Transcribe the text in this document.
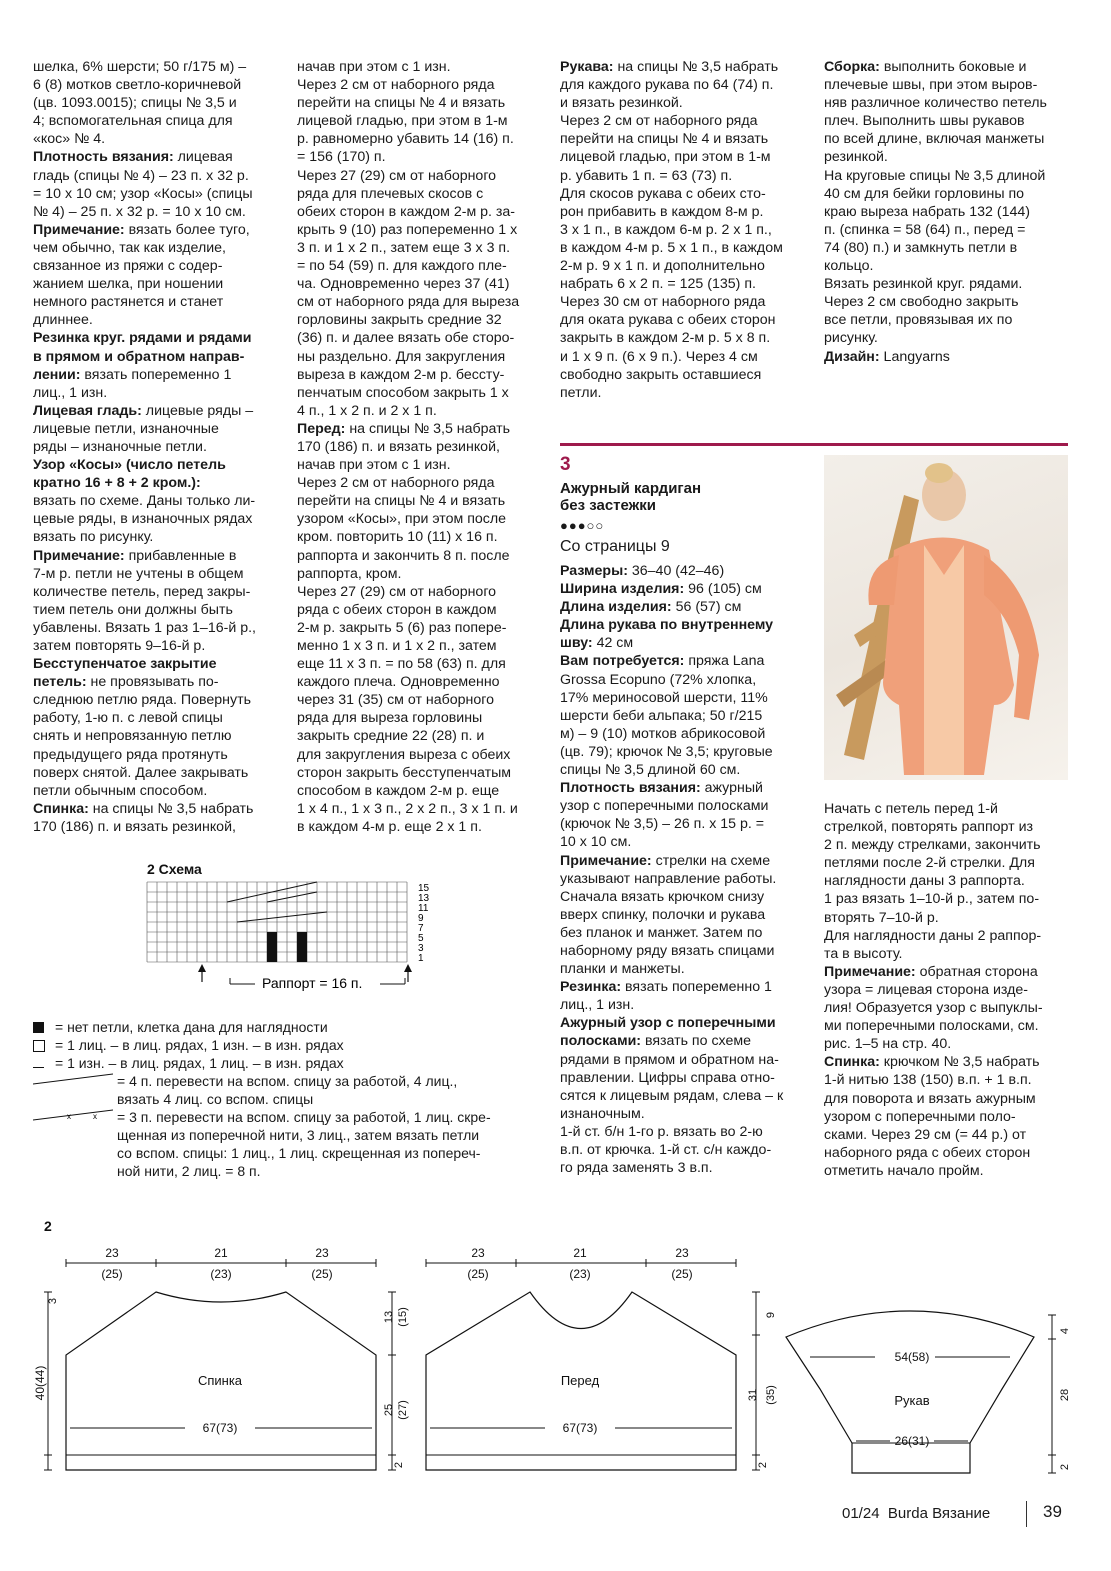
шелка, 6% шерсти; 50 г/175 м) –

6 (8) мотков светло-коричневой

(цв. 1093.0015); спицы № 3,5 и

4; вспомогательная спица для

«кос» № 4.

Плотность вязания: лицевая

гладь (спицы № 4) – 23 п. х 32 р.

= 10 х 10 см; узор «Косы» (спицы

№ 4) – 25 п. х 32 р. = 10 х 10 см.

Примечание: вязать более туго,

чем обычно, так как изделие,

связанное из пряжи с содер-

жанием шелка, при ношении

немного растянется и станет

длиннее.

Резинка круг. рядами и рядами

в прямом и обратном направ-

лении: вязать попеременно 1

лиц., 1 изн.

Лицевая гладь: лицевые ряды –

лицевые петли, изнаночные

ряды – изнаночные петли.

Узор «Косы» (число петель

кратно 16 + 8 + 2 кром.):

вязать по схеме. Даны только ли-

цевые ряды, в изнаночных рядах

вязать по рисунку.

Примечание: прибавленные в

7-м р. петли не учтены в общем

количестве петель, перед закры-

тием петель они должны быть

убавлены. Вязать 1 раз 1–16-й р.,

затем повторять 9–16-й р.

Бесступенчатое закрытие

петель: не провязывать по-

следнюю петлю ряда. Повернуть

работу, 1-ю п. с левой спицы

снять и непровязанную петлю

предыдущего ряда протянуть

поверх снятой. Далее закрывать

петли обычным способом.

Спинка: на спицы № 3,5 набрать

170 (186) п. и вязать резинкой,

начав при этом с 1 изн.

Через 2 см от наборного ряда

перейти на спицы № 4 и вязать

лицевой гладью, при этом в 1-м

р. равномерно убавить 14 (16) п.

= 156 (170) п.

Через 27 (29) см от наборного

ряда для плечевых скосов с

обеих сторон в каждом 2-м р. за-

крыть 9 (10) раз попеременно 1 х

3 п. и 1 х 2 п., затем еще 3 х 3 п.

= по 54 (59) п. для каждого пле-

ча. Одновременно через 37 (41)

см от наборного ряда для выреза

горловины закрыть средние 32

(36) п. и далее вязать обе сторо-

ны раздельно. Для закругления

выреза в каждом 2-м р. бессту-

пенчатым способом закрыть 1 х

4 п., 1 х 2 п. и 2 х 1 п.

Перед: на спицы № 3,5 набрать

170 (186) п. и вязать резинкой,

начав при этом с 1 изн.

Через 2 см от наборного ряда

перейти на спицы № 4 и вязать

узором «Косы», при этом после

кром. повторить 10 (11) х 16 п.

раппорта и закончить 8 п. после

раппорта, кром.

Через 27 (29) см от наборного

ряда с обеих сторон в каждом

2-м р. закрыть 5 (6) раз попере-

менно 1 х 3 п. и 1 х 2 п., затем

еще 11 х 3 п. = по 58 (63) п. для

каждого плеча. Одновременно

через 31 (35) см от наборного

ряда для выреза горловины

закрыть средние 22 (28) п. и

для закругления выреза с обеих

сторон закрыть бесступенчатым

способом в каждом 2-м р. еще

1 х 4 п., 1 х 3 п., 2 х 2 п., 3 х 1 п. и

в каждом 4-м р. еще 2 х 1 п.

Рукава: на спицы № 3,5 набрать

для каждого рукава по 64 (74) п.

и вязать резинкой.

Через 2 см от наборного ряда

перейти на спицы № 4 и вязать

лицевой гладью, при этом в 1-м

р. убавить 1 п. = 63 (73) п.

Для скосов рукава с обеих сто-

рон прибавить в каждом 8-м р.

3 х 1 п., в каждом 6-м р. 2 х 1 п.,

в каждом 4-м р. 5 х 1 п., в каждом

2-м р. 9 х 1 п. и дополнительно

набрать 6 х 2 п. = 125 (135) п.

Через 30 см от наборного ряда

для оката рукава с обеих сторон

закрыть в каждом 2-м р. 5 х 8 п.

и 1 х 9 п. (6 х 9 п.). Через 4 см

свободно закрыть оставшиеся

петли.

Сборка: выполнить боковые и

плечевые швы, при этом выров-

няв различное количество петель

плеч. Выполнить швы рукавов

по всей длине, включая манжеты

резинкой.

На круговые спицы № 3,5 длиной

40 см для бейки горловины по

краю выреза набрать 132 (144)

п. (спинка = 58 (64) п., перед =

74 (80) п.) и замкнуть петли в

кольцо.

Вязать резинкой круг. рядами.

Через 2 см свободно закрыть

все петли, провязывая их по

рисунку.

Дизайн: Langyarns

3
Ажурный кардиган
без застежки
●●●○○
Со страницы 9

Размеры: 36–40 (42–46)

Ширина изделия: 96 (105) см

Длина изделия: 56 (57) см

Длина рукава по внутреннему

шву: 42 см

Вам потребуется: пряжа Lana

Grossa Ecopuno (72% хлопка,

17% мериносовой шерсти, 11%

шерсти беби альпака; 50 г/215

м) – 9 (10) мотков абрикосовой

(цв. 79); крючок № 3,5; круговые

спицы № 3,5 длиной 60 см.

Плотность вязания: ажурный

узор с поперечными полосками

(крючок № 3,5) – 26 п. х 15 р. =

10 х 10 см.

Примечание: стрелки на схеме

указывают направление работы.

Сначала вязать крючком снизу

вверх спинку, полочки и рукава

без планок и манжет. Затем по

наборному ряду вязать спицами

планки и манжеты.

Резинка: вязать попеременно 1

лиц., 1 изн.

Ажурный узор с поперечными

полосками: вязать по схеме

рядами в прямом и обратном на-

правлении. Цифры справа отно-

сятся к лицевым рядам, слева – к

изнаночным.

1-й ст. б/н 1-го р. вязать во 2-ю

в.п. от крючка. 1-й ст. с/н каждо-

го ряда заменять 3 в.п.

Начать с петель перед 1-й

стрелкой, повторять раппорт из

2 п. между стрелками, закончить

петлями после 2-й стрелки. Для

наглядности даны 3 раппорта.

1 раз вязать 1–10-й р., затем по-

вторять 7–10-й р.

Для наглядности даны 2 раппор-

та в высоту.

Примечание: обратная сторона

узора = лицевая сторона изде-

лия! Образуется узор с выпуклы-

ми поперечными полосками, см.

рис. 1–5 на стр. 40.

Спинка: крючком № 3,5 набрать

1-й нитью 138 (150) в.п. + 1 в.п.

для поворота и вязать ажурным

узором с поперечными поло-

сками. Через 29 см (= 44 р.) от

наборного ряда с обеих сторон

отметить начало пройм.

2 Схема
15
13
11
9
7
5
3
1
Раппорт = 16 п.
= нет петли, клетка дана для наглядности
= 1 лиц. – в лиц. рядах, 1 изн. – в изн. рядах
= 1 изн. – в лиц. рядах, 1 лиц. – в изн. рядах
= 4 п. перевести на вспом. спицу за работой, 4 лиц.,
вязать 4 лиц. со вспом. спицы
x	x = 3 п. перевести на вспом. спицу за работой, 1 лиц. скре-
щенная из поперечной нити, 3 лиц., затем вязать петли
со вспом. спицы: 1 лиц., 1 лиц. скрещенная из попереч-
ной нити, 2 лиц. = 8 п.
2
23
(25)
21
(23)
23
(25)
67(73)
Спинка
40(44)
3
13 (15)
25 (27)
2
23
(25)
21
(23)
23
(25)
67(73)
Перед
9
31 (35)
2
54(58)
26(31)
Рукав
4
28
2
01/24 Burda Вязание	39
